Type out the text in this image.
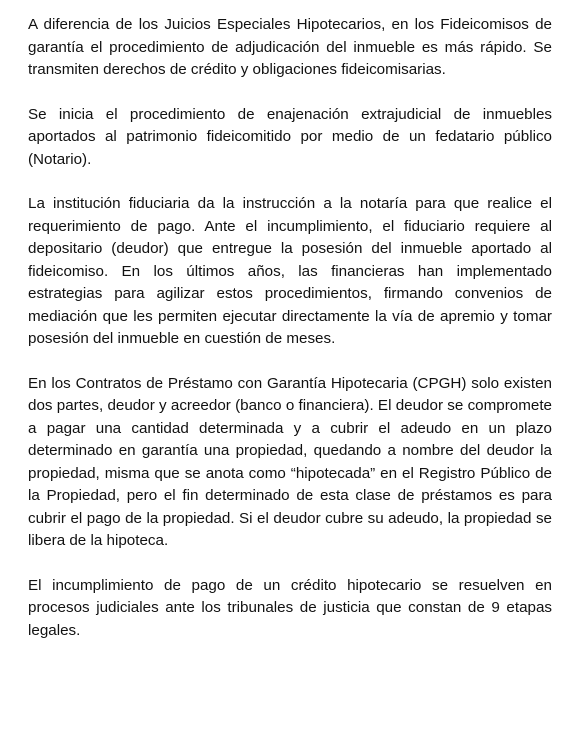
A diferencia de los Juicios Especiales Hipotecarios, en los Fideicomisos de garantía el procedimiento de adjudicación del inmueble es más rápido. Se transmiten derechos de crédito y obligaciones fideicomisarias.

Se inicia el procedimiento de enajenación extrajudicial de inmuebles aportados al patrimonio fideicomitido por medio de un fedatario público (Notario).

La institución fiduciaria da la instrucción a la notaría para que realice el requerimiento de pago. Ante el incumplimiento, el fiduciario requiere al depositario (deudor) que entregue la posesión del inmueble aportado al fideicomiso. En los últimos años, las financieras han implementado estrategias para agilizar estos procedimientos, firmando convenios de mediación que les permiten ejecutar directamente la vía de apremio y tomar posesión del inmueble en cuestión de meses.

En los Contratos de Préstamo con Garantía Hipotecaria (CPGH) solo existen dos partes, deudor y acreedor (banco o financiera). El deudor se compromete a pagar una cantidad determinada y a cubrir el adeudo en un plazo determinado en garantía una propiedad, quedando a nombre del deudor la propiedad, misma que se anota como “hipotecada” en el Registro Público de la Propiedad, pero el fin determinado de esta clase de préstamos es para cubrir el pago de la propiedad. Si el deudor cubre su adeudo, la propiedad se libera de la hipoteca.

El incumplimiento de pago de un crédito hipotecario se resuelven en procesos judiciales ante los tribunales de justicia que constan de 9 etapas legales.
